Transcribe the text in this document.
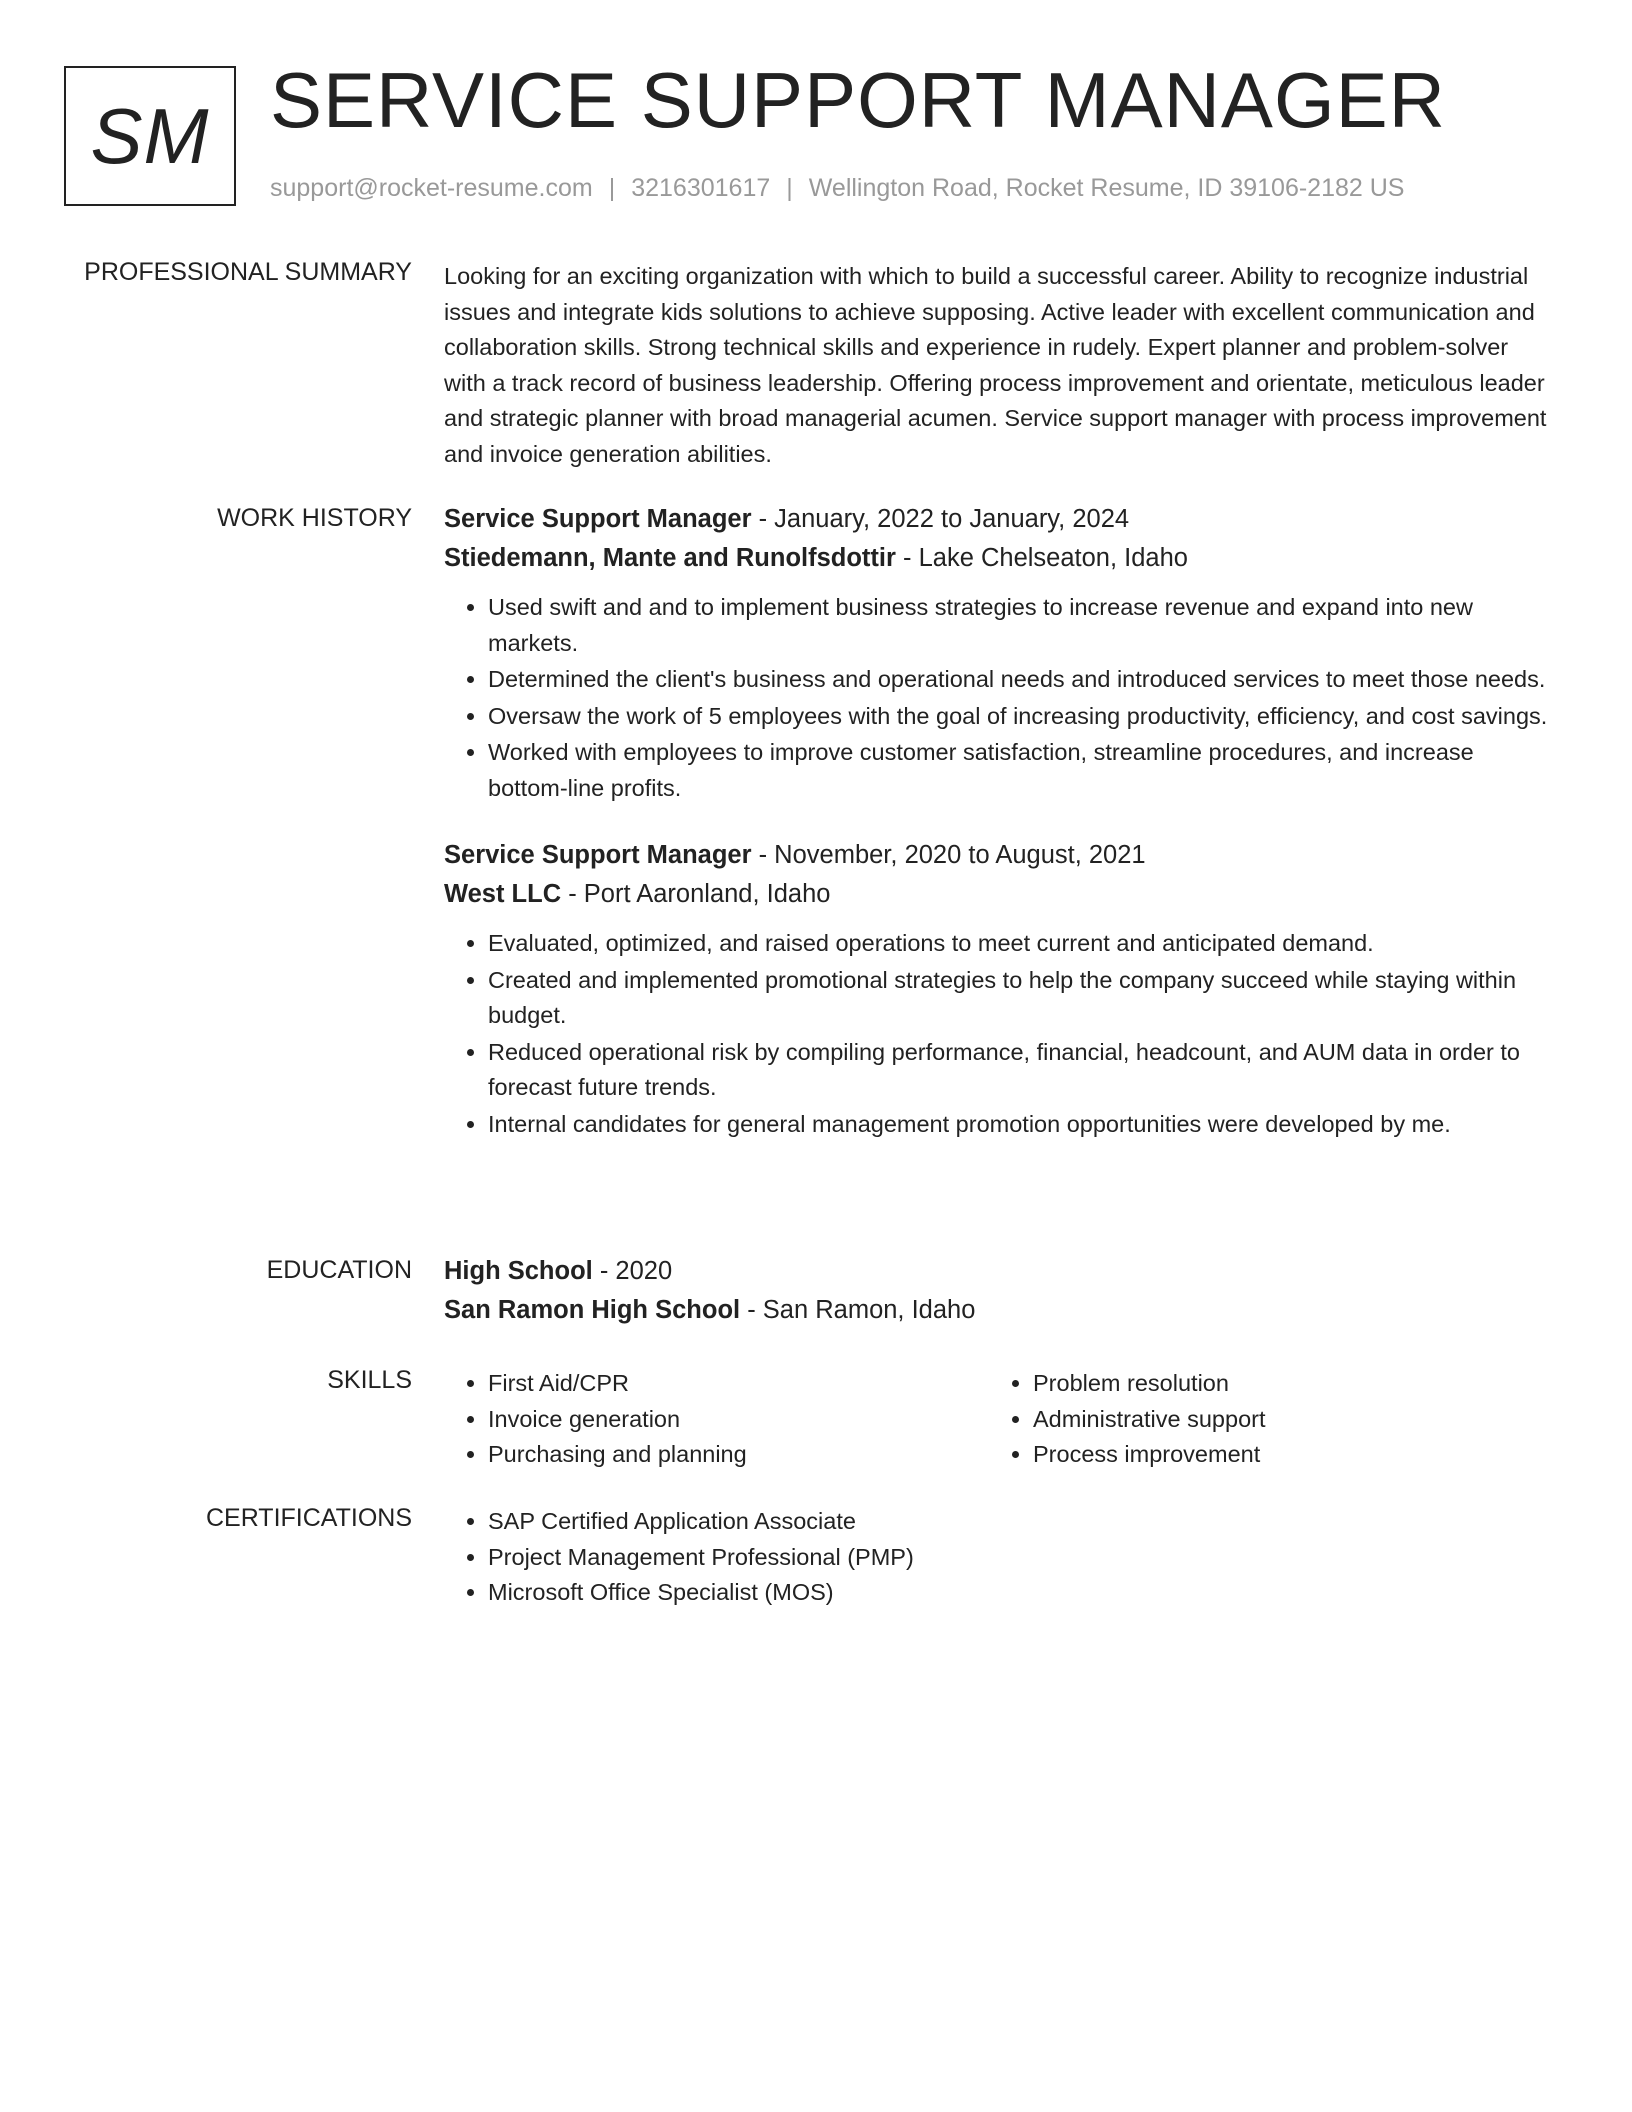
SM SERVICE SUPPORT MANAGER
support@rocket-resume.com | 3216301617 | Wellington Road, Rocket Resume, ID 39106-2182 US
PROFESSIONAL SUMMARY Looking for an exciting organization with which to build a successful career. Ability to recognize industrial issues and integrate kids solutions to achieve supposing. Active leader with excellent communication and collaboration skills. Strong technical skills and experience in rudely. Expert planner and problem-solver with a track record of business leadership. Offering process improvement and orientate, meticulous leader and strategic planner with broad managerial acumen. Service support manager with process improvement and invoice generation abilities.

WORK HISTORY Service Support Manager - January, 2022 to January, 2024
Stiedemann, Mante and Runolfsdottir - Lake Chelseaton, Idaho
• Used swift and and to implement business strategies to increase revenue and expand into new markets.
• Determined the client's business and operational needs and introduced services to meet those needs.
• Oversaw the work of 5 employees with the goal of increasing productivity, efficiency, and cost savings.
• Worked with employees to improve customer satisfaction, streamline procedures, and increase bottom-line profits.
Service Support Manager - November, 2020 to August, 2021
West LLC - Port Aaronland, Idaho
• Evaluated, optimized, and raised operations to meet current and anticipated demand.
• Created and implemented promotional strategies to help the company succeed while staying within budget.
• Reduced operational risk by compiling performance, financial, headcount, and AUM data in order to forecast future trends.
• Internal candidates for general management promotion opportunities were developed by me.
EDUCATION High School - 2020
San Ramon High School - San Ramon, Idaho
SKILLS	• First Aid/CPR
• Invoice generation
• Purchasing and planning
• Problem resolution
• Administrative support
• Process improvement
CERTIFICATIONS	• SAP Certified Application Associate
• Project Management Professional (PMP)
• Microsoft Office Specialist (MOS)
